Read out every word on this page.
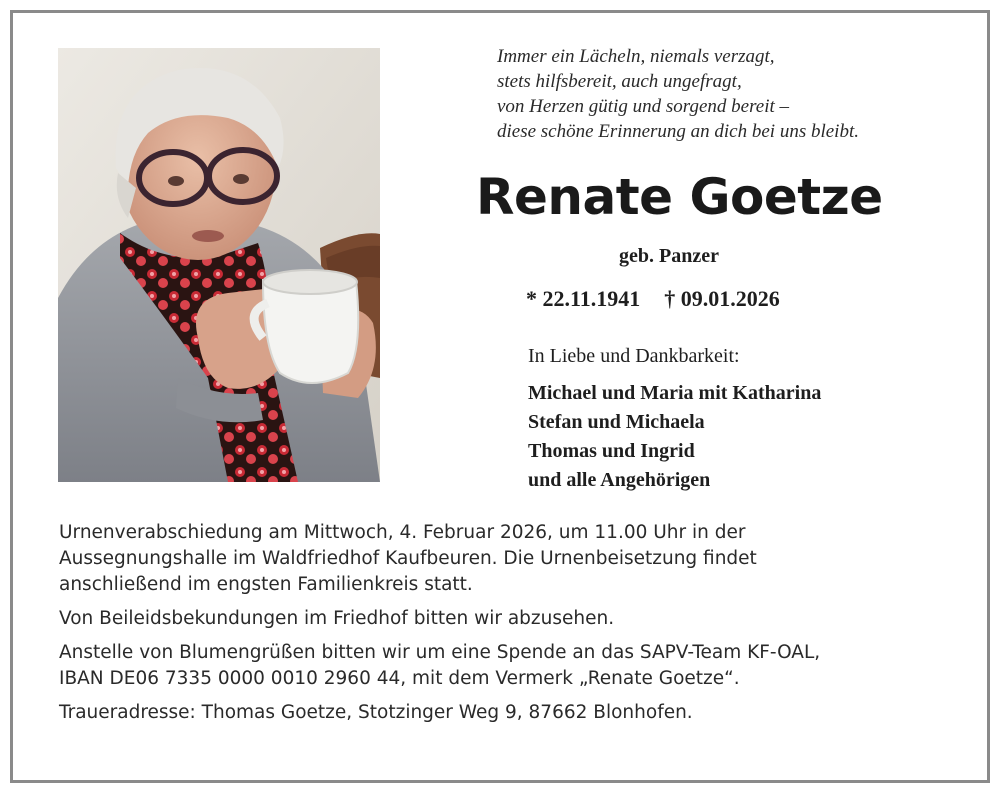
Immer ein Lächeln, niemals verzagt,
stets hilfsbereit, auch ungefragt,
von Herzen gütig und sorgend bereit –
diese schöne Erinnerung an dich bei uns bleibt.
Renate Goetze
geb. Panzer
* 22.11.1941 † 09.01.2026
In Liebe und Dankbarkeit:
Michael und Maria mit Katharina
Stefan und Michaela
Thomas und Ingrid
und alle Angehörigen

Urnenverabschiedung am Mittwoch, 4. Februar 2026, um 11.00 Uhr in der
Aussegnungshalle im Waldfriedhof Kaufbeuren. Die Urnenbeisetzung findet
anschließend im engsten Familienkreis statt.

Von Beileidsbekundungen im Friedhof bitten wir abzusehen.

Anstelle von Blumengrüßen bitten wir um eine Spende an das SAPV-Team KF-OAL,
IBAN DE06 7335 0000 0010 2960 44, mit dem Vermerk „Renate Goetze“.

Traueradresse: Thomas Goetze, Stotzinger Weg 9, 87662 Blonhofen.
